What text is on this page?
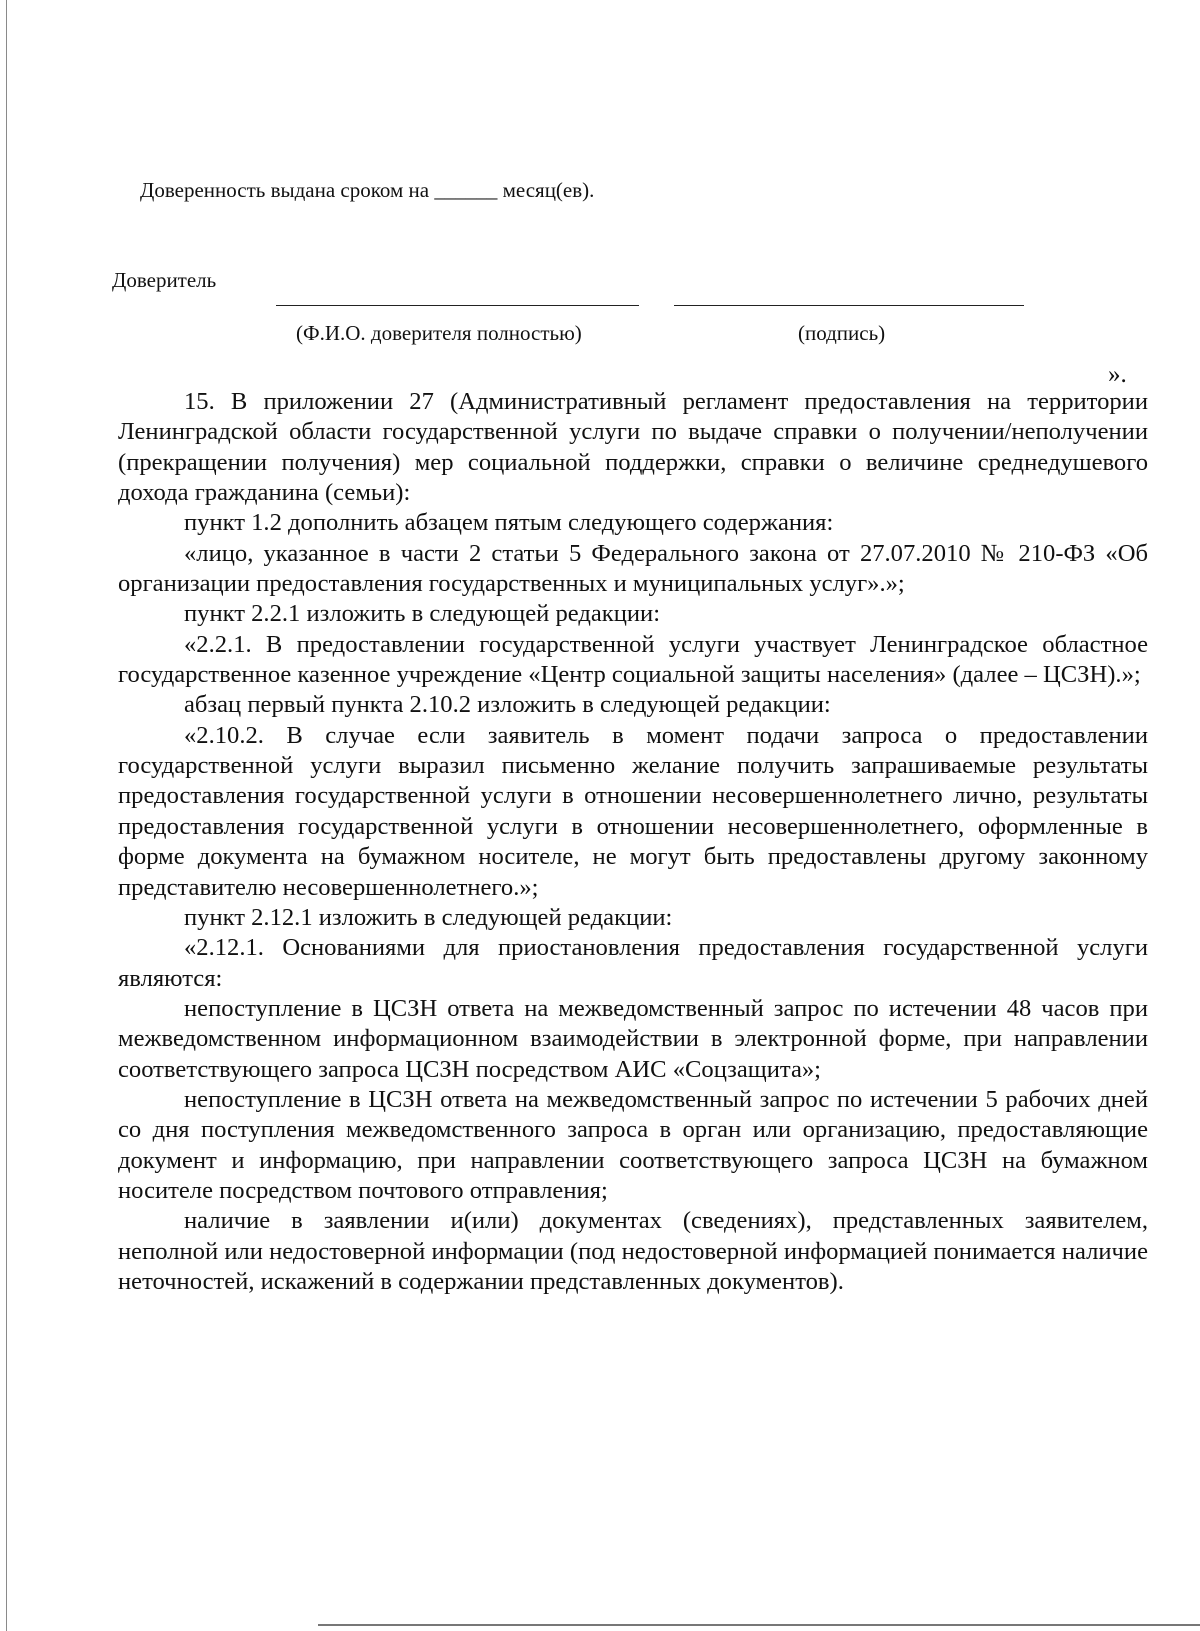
Доверенность выдана сроком на ______ месяц(ев).
Доверитель
(Ф.И.О. доверителя полностью)	(подпись)
».

15. В приложении 27 (Административный регламент предоставления на территории Ленинградской области государственной услуги по выдаче справки о получении/неполучении (прекращении получения) мер социальной поддержки, справки о величине среднедушевого дохода гражданина (семьи):

пункт 1.2 дополнить абзацем пятым следующего содержания:

«лицо, указанное в части 2 статьи 5 Федерального закона от 27.07.2010 № 210-ФЗ «Об организации предоставления государственных и муниципальных услуг».»;

пункт 2.2.1 изложить в следующей редакции:

«2.2.1. В предоставлении государственной услуги участвует Ленинградское областное государственное казенное учреждение «Центр социальной защиты населения» (далее – ЦСЗН).»;

абзац первый пункта 2.10.2 изложить в следующей редакции:

«2.10.2. В случае если заявитель в момент подачи запроса о предоставлении государственной услуги выразил письменно желание получить запрашиваемые результаты предоставления государственной услуги в отношении несовершеннолетнего лично, результаты предоставления государственной услуги в отношении несовершеннолетнего, оформленные в форме документа на бумажном носителе, не могут быть предоставлены другому законному представителю несовершеннолетнего.»;

пункт 2.12.1 изложить в следующей редакции:

«2.12.1. Основаниями для приостановления предоставления государственной услуги являются:

непоступление в ЦСЗН ответа на межведомственный запрос по истечении 48 часов при межведомственном информационном взаимодействии в электронной форме, при направлении соответствующего запроса ЦСЗН посредством АИС «Соцзащита»;

непоступление в ЦСЗН ответа на межведомственный запрос по истечении 5 рабочих дней со дня поступления межведомственного запроса в орган или организацию, предоставляющие документ и информацию, при направлении соответствующего запроса ЦСЗН на бумажном носителе посредством почтового отправления;

наличие в заявлении и(или) документах (сведениях), представленных заявителем, неполной или недостоверной информации (под недостоверной информацией понимается наличие неточностей, искажений в содержании представленных документов).
